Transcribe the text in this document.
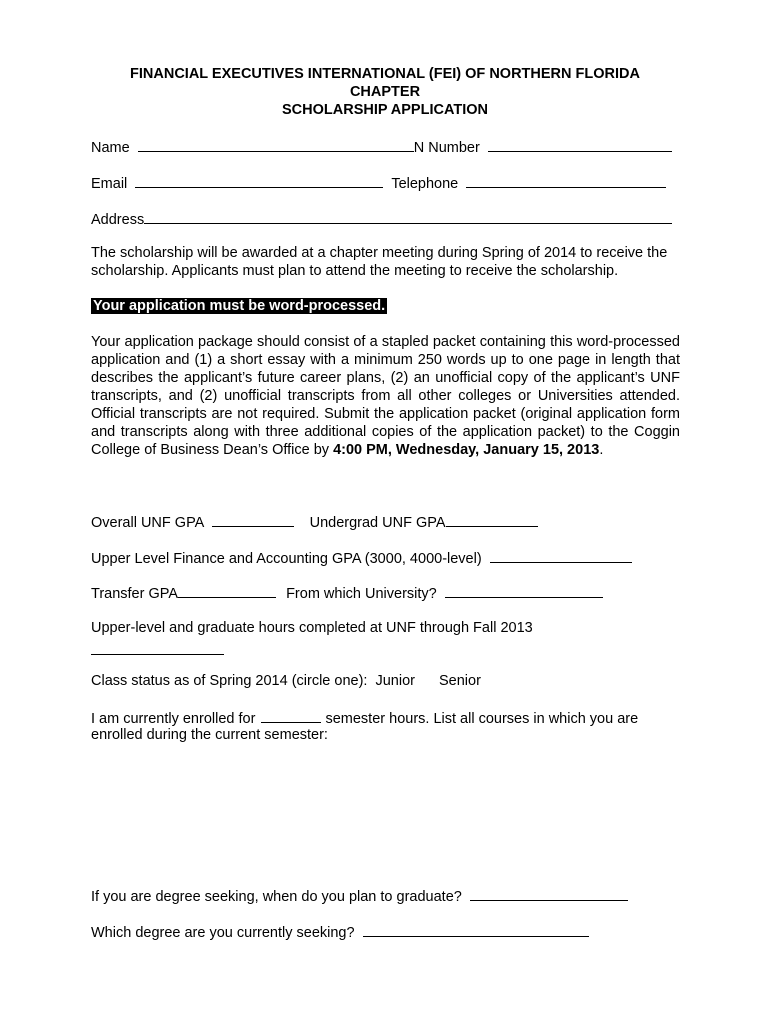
FINANCIAL EXECUTIVES INTERNATIONAL (FEI) OF NORTHERN FLORIDA
CHAPTER
SCHOLARSHIP APPLICATION
Name	N Number
Email	Telephone
Address
The scholarship will be awarded at a chapter meeting during Spring of 2014 to receive the scholarship. Applicants must plan to attend the meeting to receive the scholarship.
Your application must be word-processed.
Your application package should consist of a stapled packet containing this word-processed application and (1) a short essay with a minimum 250 words up to one page in length that describes the applicant’s future career plans, (2) an unofficial copy of the applicant’s UNF transcripts, and (2) unofficial transcripts from all other colleges or Universities attended. Official transcripts are not required. Submit the application packet (original application form and transcripts along with three additional copies of the application packet) to the Coggin College of Business Dean’s Office by 4:00 PM, Wednesday, January 15, 2013.
Overall UNF GPA	Undergrad UNF GPA
Upper Level Finance and Accounting GPA (3000, 4000-level)
Transfer GPA	From which University?
Upper-level and graduate hours completed at UNF through Fall 2013
Class status as of Spring 2014 (circle one): Junior Senior
I am currently enrolled for	semester hours. List all courses in which you are
enrolled during the current semester:
If you are degree seeking, when do you plan to graduate?
Which degree are you currently seeking?
